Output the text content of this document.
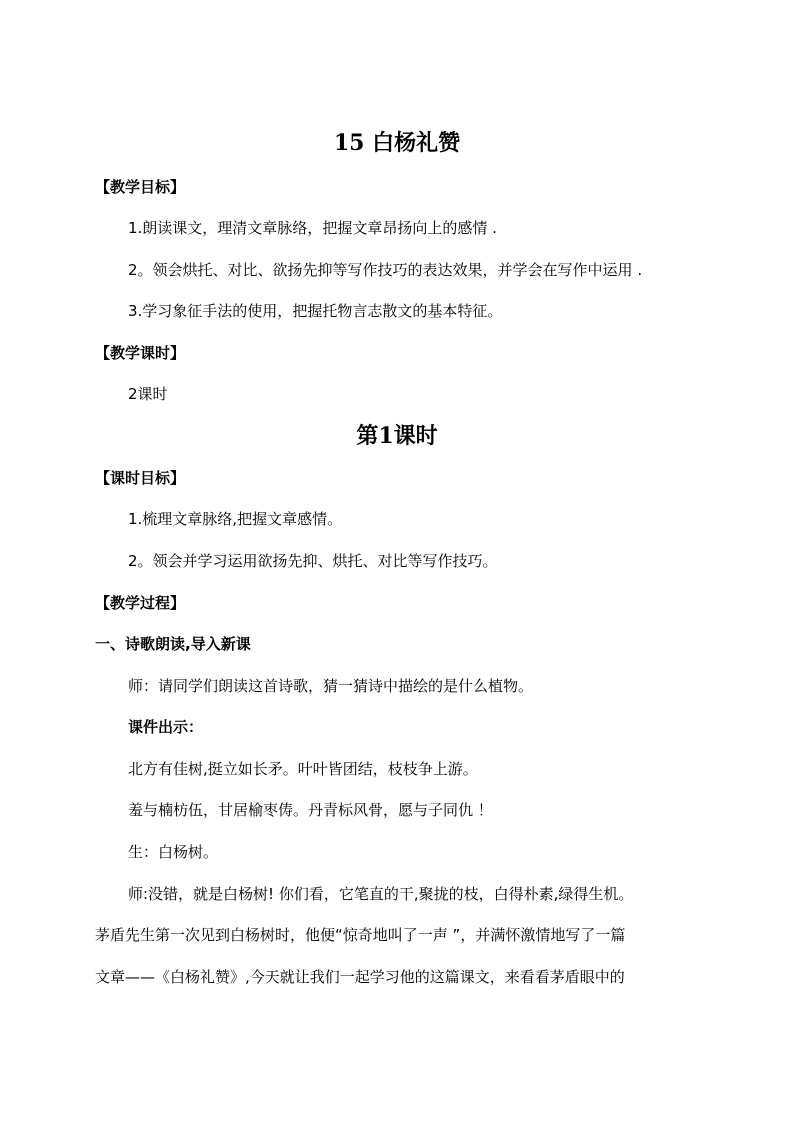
15 白杨礼赞
【教学目标】
1.朗读课文，理清文章脉络，把握文章昂扬向上的感情 .
2。领会烘托、对比、欲扬先抑等写作技巧的表达效果，并学会在写作中运用 .
3.学习象征手法的使用，把握托物言志散文的基本特征。
【教学课时】
2课时
第1课时
【课时目标】
1.梳理文章脉络,把握文章感情。
2。领会并学习运用欲扬先抑、烘托、对比等写作技巧。
【教学过程】
一、诗歌朗读,导入新课
师：请同学们朗读这首诗歌，猜一猜诗中描绘的是什么植物。
课件出示：
北方有佳树,挺立如长矛。叶叶皆团结，枝枝争上游。
羞与楠枋伍，甘居榆枣俦。丹青标风骨，愿与子同仇 ！
生：白杨树。
师:没错，就是白杨树! 你们看，它笔直的干,聚拢的枝，白得朴素,绿得生机。
茅盾先生第一次见到白杨树时，他便“惊奇地叫了一声 ”，并满怀激情地写了一篇
文章——《白杨礼赞》,今天就让我们一起学习他的这篇课文，来看看茅盾眼中的
